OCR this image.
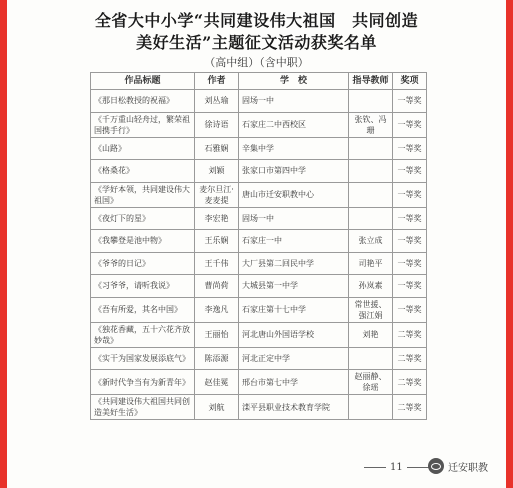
全省大中小学“共同建设伟大祖国　共同创造
美好生活”主题征文活动获奖名单
（高中组）（含中职）
作品标题	作者	学　校	指导教师	奖项
《那日松教授的祝福》	刘丛瑜	固场一中		一等奖
《千万重山轻舟过，繁荣祖国携手行》	徐诗语	石家庄二中西校区	张钦、冯珊	一等奖
《山路》	石雅娴	辛集中学		一等奖
《格桑花》	刘颖	张家口市第四中学		一等奖
《学好本领，共同建设伟大祖国》	麦尔旦江·麦麦提	唐山市迁安职教中心		一等奖
《夜灯下的星》	李宏艳	固场一中		一等奖
《我攀登是池中物》	王乐娴	石家庄一中	张立成	一等奖
《爷爷的日记》	王千伟	大厂县第二回民中学	司艳平	一等奖
《习爷爷，请听我说》	曹尚荷	大城县第一中学	孙岚素	一等奖
《吾有所爱，其名中国》	李逸凡	石家庄第十七中学	常世援、强江娟	一等奖
《独花香藏，五十六花齐放妙哉》	王丽怡	河北唐山外国语学校	刘艳	二等奖
《实干为国家发展添底气》	陈添源	河北正定中学		二等奖
《新时代争当有为新青年》	赵佳冕	邢台市第七中学	赵丽静、徐瑶	二等奖
《共同建设伟大祖国共同创造美好生活》	刘航	滦平县职业技术教育学院		二等奖
11	迁安职教
